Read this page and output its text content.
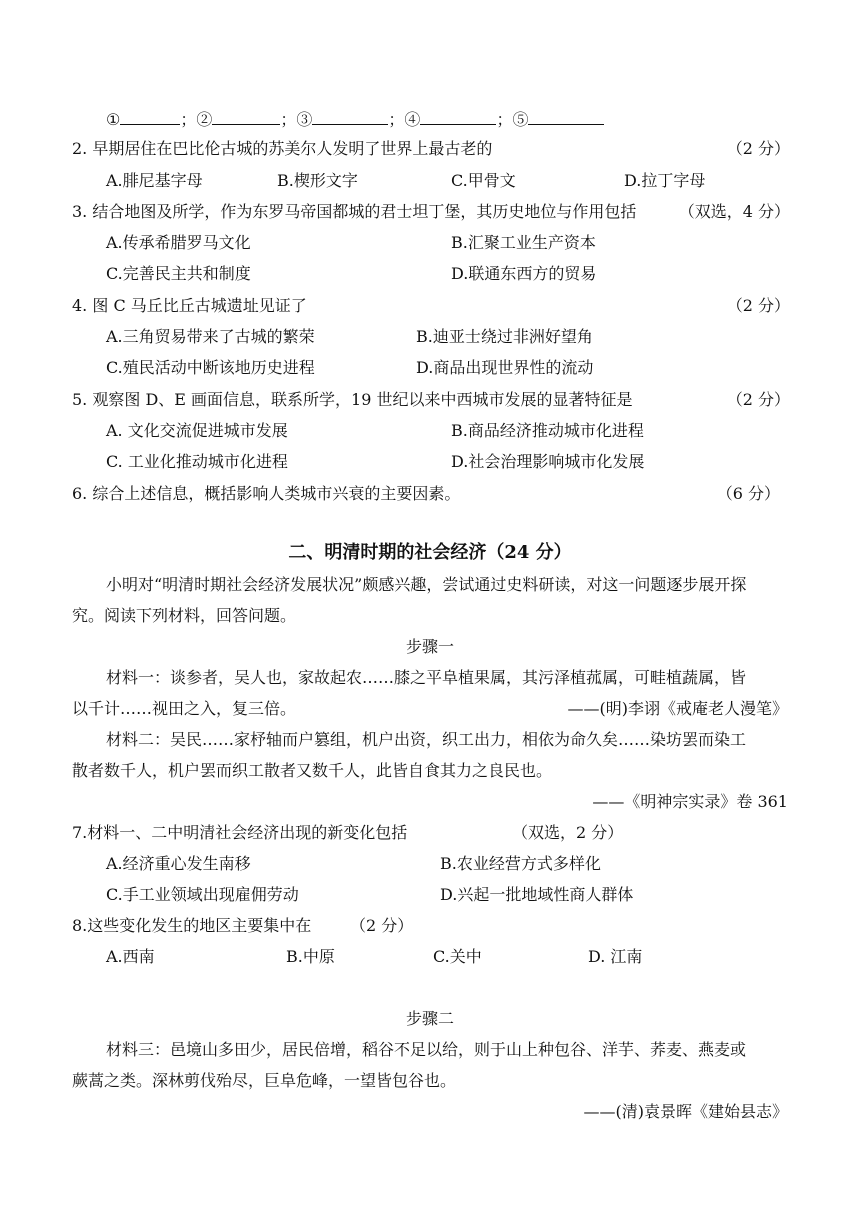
①	；②	；③	；④	；⑤
2. 早期居住在巴比伦古城的苏美尔人发明了世界上最古老的	（2 分）
A.腓尼基字母	B.楔形文字	C.甲骨文	D.拉丁字母
3. 结合地图及所学，作为东罗马帝国都城的君士坦丁堡，其历史地位与作用包括	（双选，4 分）
A.传承希腊罗马文化	B.汇聚工业生产资本
C.完善民主共和制度	D.联通东西方的贸易
4. 图 C 马丘比丘古城遗址见证了	（2 分）
A.三角贸易带来了古城的繁荣	B.迪亚士绕过非洲好望角
C.殖民活动中断该地历史进程	D.商品出现世界性的流动
5. 观察图 D、E 画面信息，联系所学，19 世纪以来中西城市发展的显著特征是	（2 分）
A. 文化交流促进城市发展	B.商品经济推动城市化进程
C. 工业化推动城市化进程	D.社会治理影响城市化发展
6. 综合上述信息，概括影响人类城市兴衰的主要因素。	（6 分）
二、明清时期的社会经济（24 分）
小明对“明清时期社会经济发展状况”颇感兴趣，尝试通过史料研读，对这一问题逐步展开探
究。阅读下列材料，回答问题。
步骤一
材料一：谈参者，吴人也，家故起农……膝之平阜植果属，其污泽植菰属，可畦植蔬属，皆
以千计……视田之入，复三倍。	——(明)李诩《戒庵老人漫笔》
材料二：吴民……家杼轴而户篡组，机户出资，织工出力，相依为命久矣……染坊罢而染工
散者数千人，机户罢而织工散者又数千人，此皆自食其力之良民也。
——《明神宗实录》卷 361
7.材料一、二中明清社会经济出现的新变化包括	（双选，2 分）
A.经济重心发生南移	B.农业经营方式多样化
C.手工业领域出现雇佣劳动	D.兴起一批地域性商人群体
8.这些变化发生的地区主要集中在 （2 分）
A.西南	B.中原	C.关中	D. 江南
步骤二
材料三：邑境山多田少，居民倍增，稻谷不足以给，则于山上种包谷、洋芋、荞麦、燕麦或
蕨蒿之类。深林剪伐殆尽，巨阜危峰，一望皆包谷也。
——(清)袁景晖《建始县志》
